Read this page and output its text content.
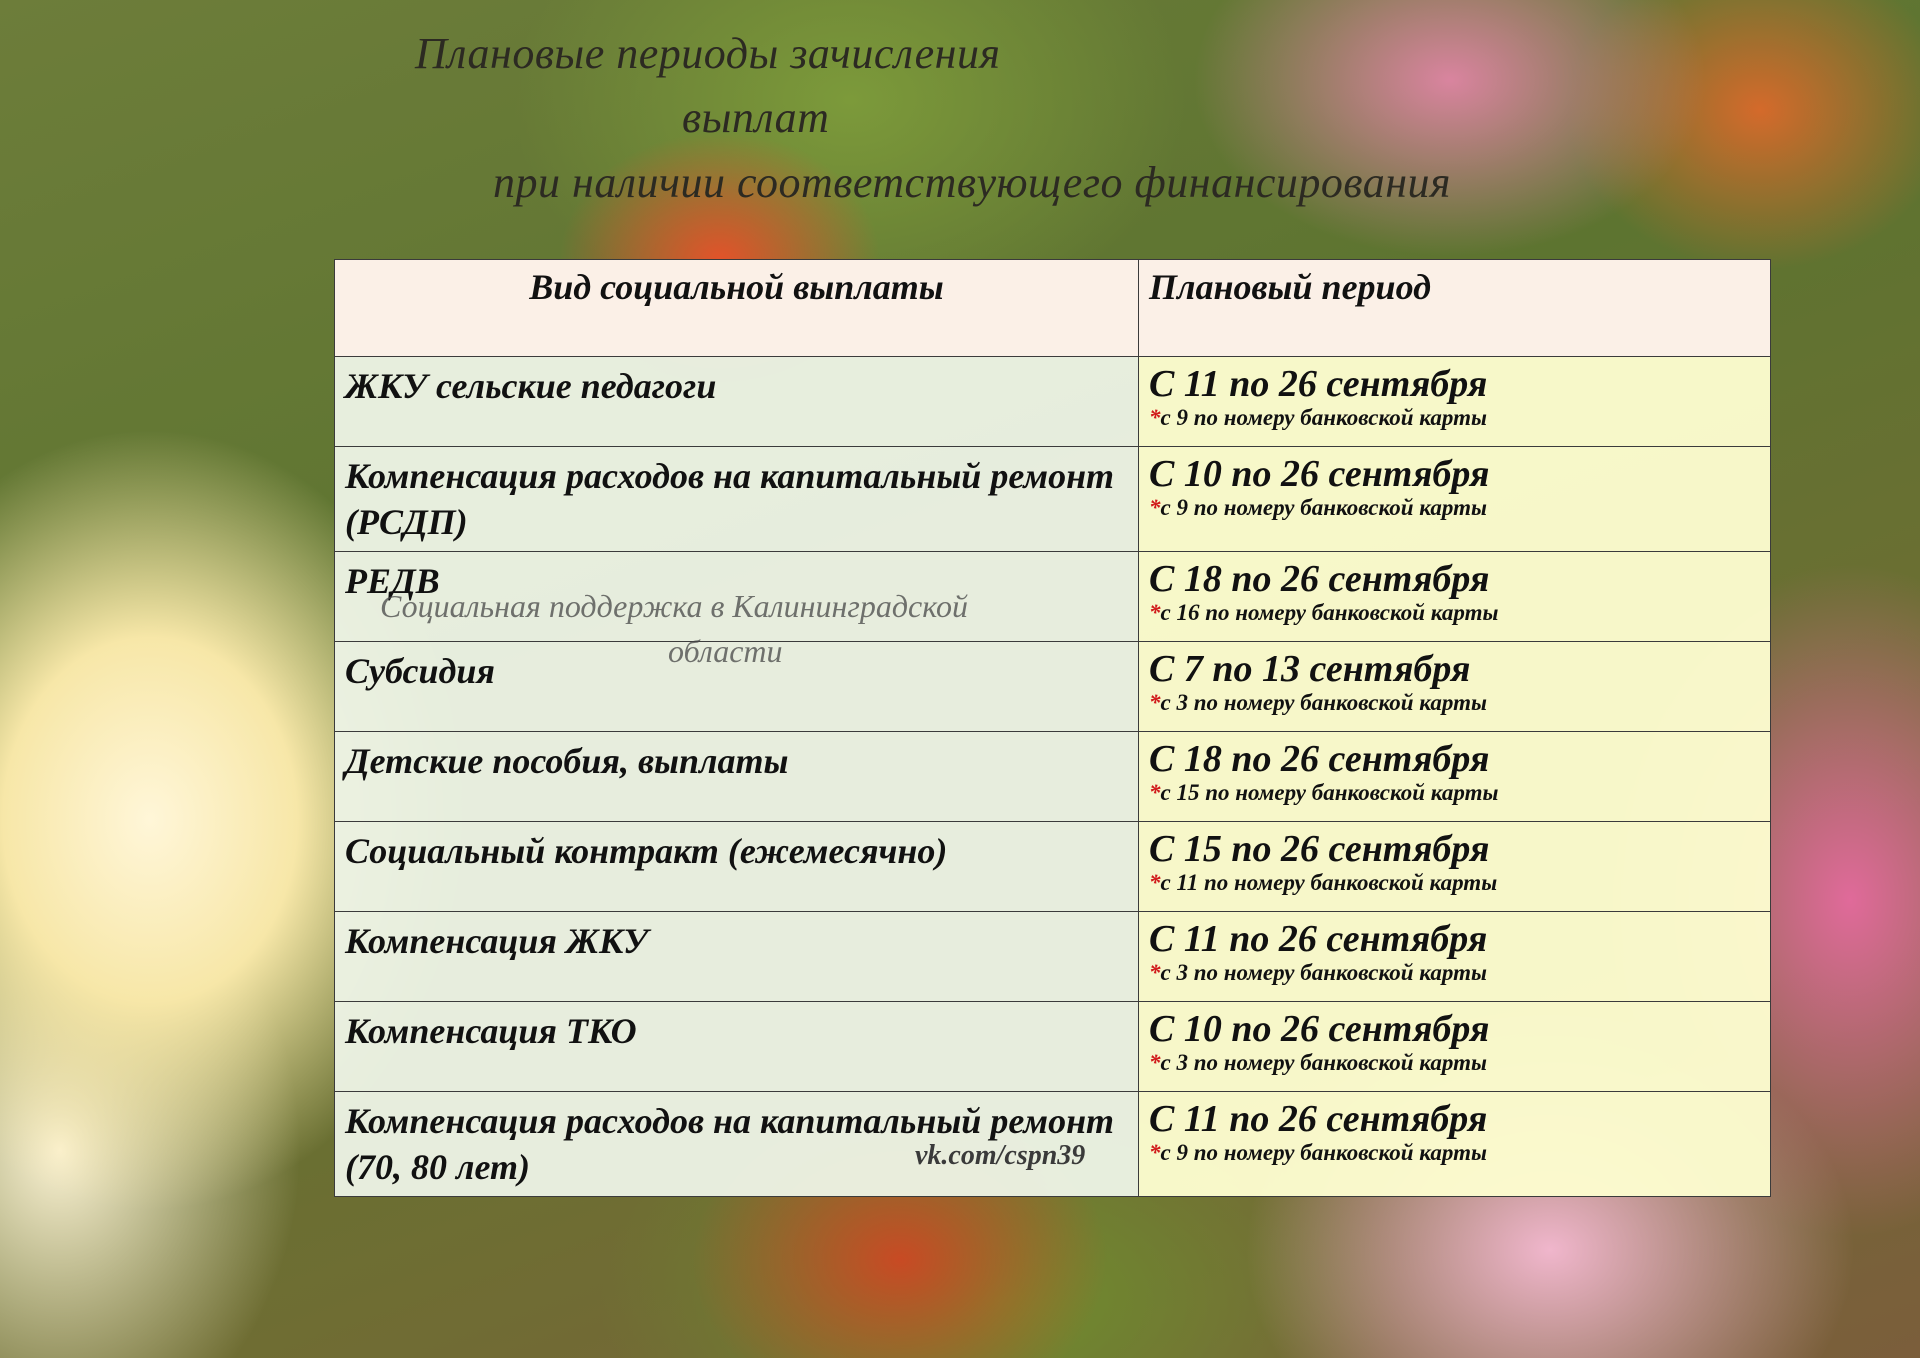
Плановые периоды зачисления
выплат
при наличии соответствующего финансирования
Вид социальной выплаты	Плановый период
ЖКУ сельские педагоги	С 11 по 26 сентября
*с 9 по номеру банковской карты

Компенсация расходов на капитальный ремонт (РСДП)	С 10 по 26 сентября
*с 9 по номеру банковской карты

РЕДВ	С 18 по 26 сентября
*с 16 по номеру банковской карты

Субсидия	С 7 по 13 сентября
*с 3 по номеру банковской карты

Детские пособия, выплаты	С 18 по 26 сентября
*с 15 по номеру банковской карты

Социальный контракт (ежемесячно)	С 15 по 26 сентября
*с 11 по номеру банковской карты

Компенсация ЖКУ	С 11 по 26 сентября
*с 3 по номеру банковской карты

Компенсация ТКО	С 10 по 26 сентября
*с 3 по номеру банковской карты

Компенсация расходов на капитальный ремонт (70, 80 лет)	С 11 по 26 сентября
*с 9 по номеру банковской карты
Социальная поддержка в Калининградской
области
vk.com/cspn39
